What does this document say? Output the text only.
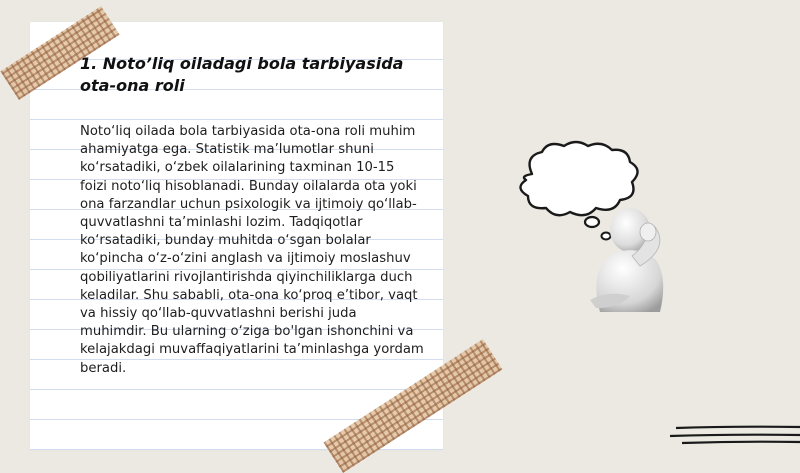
1. Noto’liq oiladagi bola tarbiyasida ota-ona roli

Noto‘liq oilada bola tarbiyasida ota-ona roli muhim ahamiyatga ega. Statistik ma’lumotlar shuni ko‘rsatadiki, o‘zbek oilalarining taxminan 10-15 foizi noto‘liq hisoblanadi. Bunday oilalarda ota yoki ona farzandlar uchun psixologik va ijtimoiy qo‘llab-quvvatlashni ta’minlashi lozim. Tadqiqotlar ko‘rsatadiki, bunday muhitda o‘sgan bolalar ko‘pincha o‘z-o‘zini anglash va ijtimoiy moslashuv qobiliyatlarini rivojlantirishda qiyinchiliklarga duch keladilar. Shu sababli, ota-ona ko‘proq e’tibor, vaqt va hissiy qo‘llab-quvvatlashni berishi juda muhimdir. Bu ularning o‘ziga bo'lgan ishonchini va kelajakdagi muvaffaqiyatlarini ta’minlashga yordam beradi.
